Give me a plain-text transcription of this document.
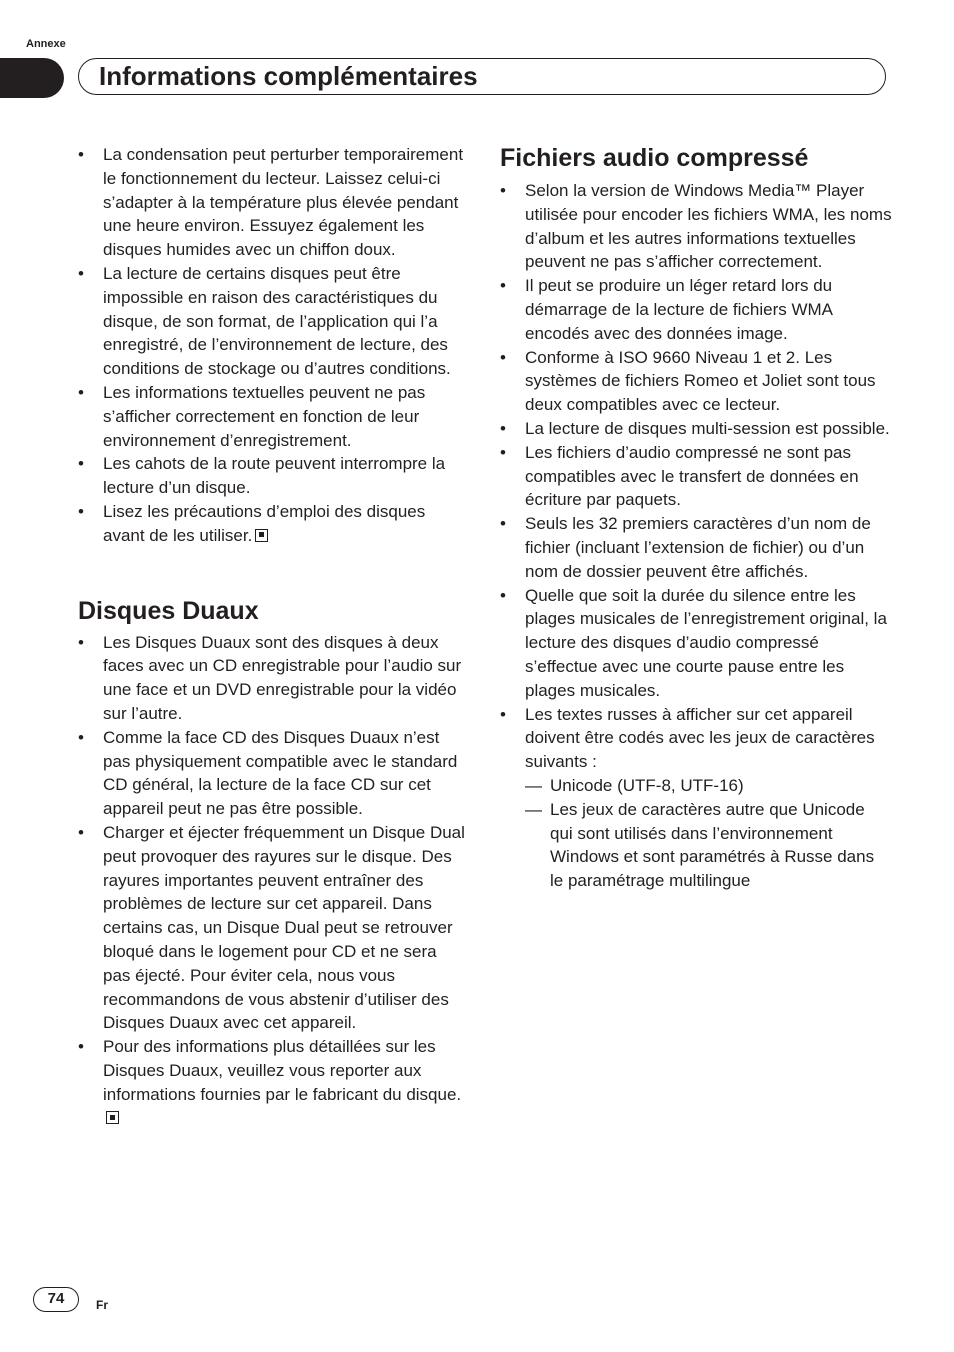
Annexe
Informations complémentaires
• La condensation peut perturber temporairement le fonctionnement du lecteur. Laissez celui-ci s’adapter à la température plus élevée pendant une heure environ. Essuyez également les disques humides avec un chiffon doux.
• La lecture de certains disques peut être impossible en raison des caractéristiques du disque, de son format, de l’application qui l’a enregistré, de l’environnement de lecture, des conditions de stockage ou d’autres conditions.
• Les informations textuelles peuvent ne pas s’afficher correctement en fonction de leur environnement d’enregistrement.
• Les cahots de la route peuvent interrompre la lecture d’un disque.
• Lisez les précautions d’emploi des disques avant de les utiliser.
Disques Duaux
• Les Disques Duaux sont des disques à deux faces avec un CD enregistrable pour l’audio sur une face et un DVD enregistrable pour la vidéo sur l’autre.
• Comme la face CD des Disques Duaux n’est pas physiquement compatible avec le standard CD général, la lecture de la face CD sur cet appareil peut ne pas être possible.
• Charger et éjecter fréquemment un Disque Dual peut provoquer des rayures sur le disque. Des rayures importantes peuvent entraîner des problèmes de lecture sur cet appareil. Dans certains cas, un Disque Dual peut se retrouver bloqué dans le logement pour CD et ne sera pas éjecté. Pour éviter cela, nous vous recommandons de vous abstenir d’utiliser des Disques Duaux avec cet appareil.
• Pour des informations plus détaillées sur les Disques Duaux, veuillez vous reporter aux informations fournies par le fabricant du disque.
Fichiers audio compressé
• Selon la version de Windows Media™ Player utilisée pour encoder les fichiers WMA, les noms d’album et les autres informations textuelles peuvent ne pas s’afficher correctement.
• Il peut se produire un léger retard lors du démarrage de la lecture de fichiers WMA encodés avec des données image.
• Conforme à ISO 9660 Niveau 1 et 2. Les systèmes de fichiers Romeo et Joliet sont tous deux compatibles avec ce lecteur.
• La lecture de disques multi-session est possible.
• Les fichiers d’audio compressé ne sont pas compatibles avec le transfert de données en écriture par paquets.
• Seuls les 32 premiers caractères d’un nom de fichier (incluant l’extension de fichier) ou d’un nom de dossier peuvent être affichés.
• Quelle que soit la durée du silence entre les plages musicales de l’enregistrement original, la lecture des disques d’audio compressé s’effectue avec une courte pause entre les plages musicales.
• Les textes russes à afficher sur cet appareil doivent être codés avec les jeux de caractères suivants :
— Unicode (UTF-8, UTF-16)
— Les jeux de caractères autre que Unicode qui sont utilisés dans l’environnement Windows et sont paramétrés à Russe dans le paramétrage multilingue
74	Fr
